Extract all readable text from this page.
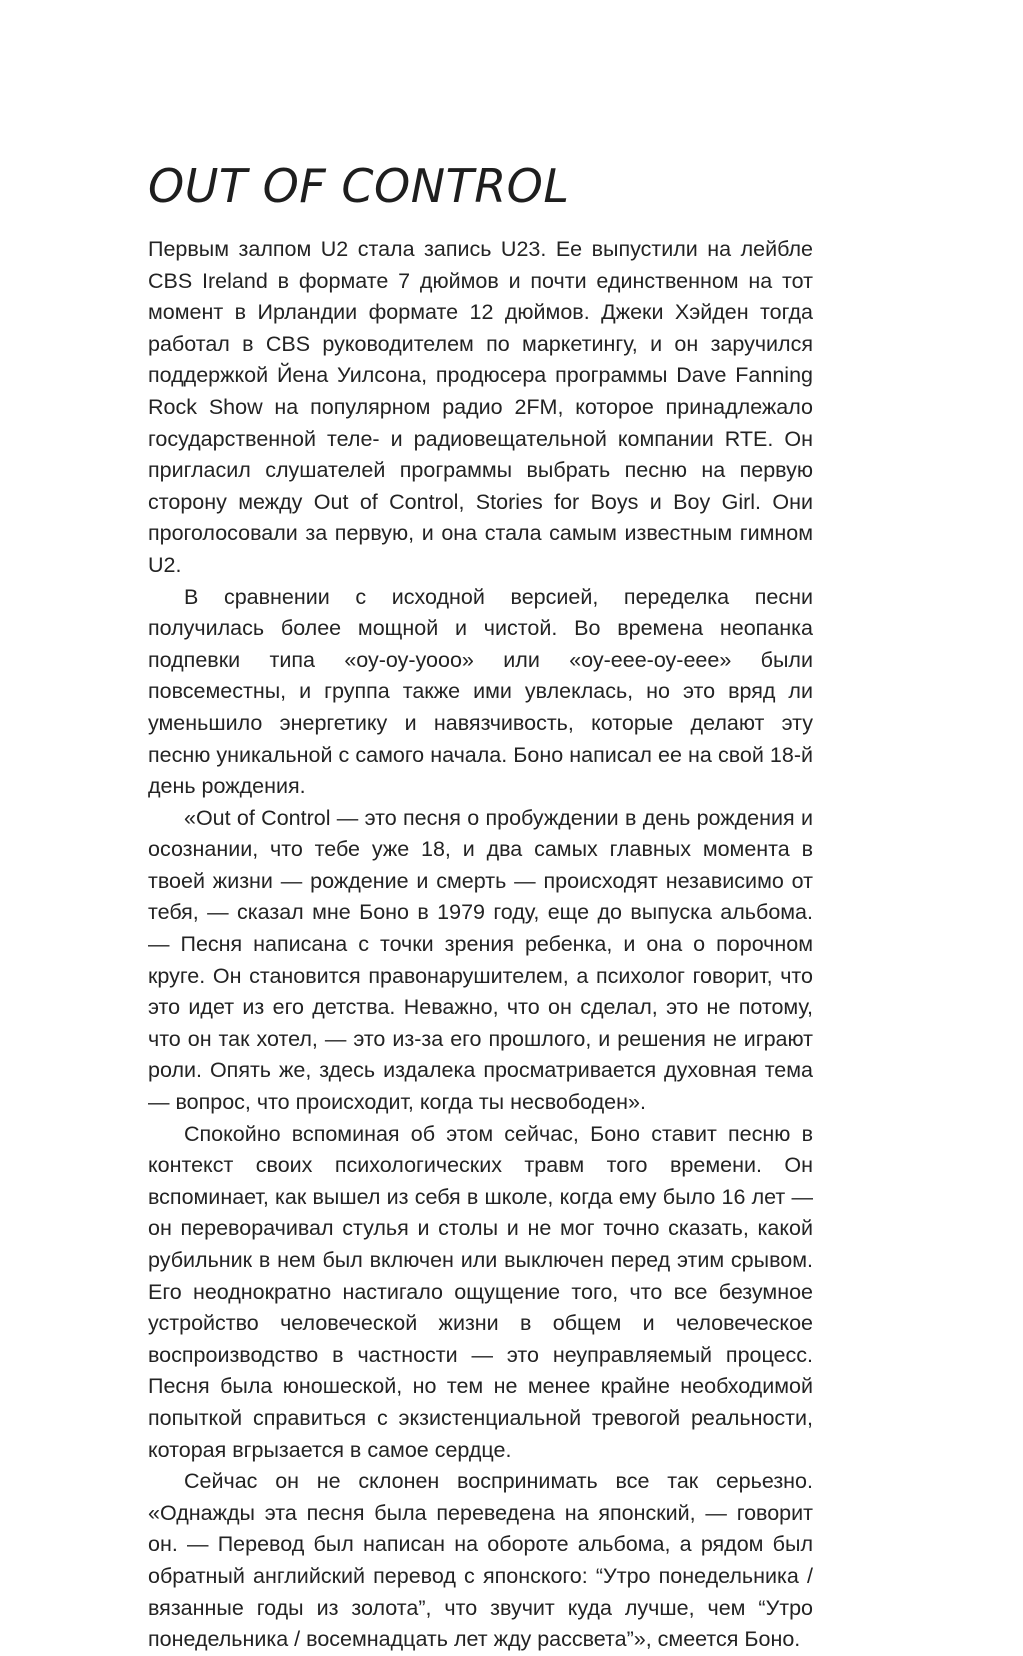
OUT OF CONTROL

Первым залпом U2 стала запись U23. Ее выпустили на лейбле CBS Ireland в формате 7 дюймов и почти единственном на тот момент в Ирландии формате 12 дюймов. Джеки Хэйден тогда работал в CBS руководителем по маркетингу, и он заручился поддержкой Йена Уилсона, продюсера программы Dave Fanning Rock Show на популярном радио 2FM, которое принадлежало государственной теле- и радиовещательной компании RTE. Он пригласил слушателей программы выбрать песню на первую сторону между Out of Control, Stories for Boys и Boy Girl. Они проголосовали за первую, и она стала самым известным гимном U2.

В сравнении с исходной версией, переделка песни получилась более мощной и чистой. Во времена неопанка подпевки типа «оу-оу-уооо» или «оу-еее-оу-еее» были повсеместны, и группа также ими увлеклась, но это вряд ли уменьшило энергетику и навязчивость, которые делают эту песню уникальной с самого начала. Боно написал ее на свой 18-й день рождения.

«Out of Control — это песня о пробуждении в день рождения и осознании, что тебе уже 18, и два самых главных момента в твоей жизни — рождение и смерть — происходят независимо от тебя, — сказал мне Боно в 1979 году, еще до выпуска альбома. — Песня написана с точки зрения ребенка, и она о порочном круге. Он становится правонарушителем, а психолог говорит, что это идет из его детства. Неважно, что он сделал, это не потому, что он так хотел, — это из-за его прошлого, и решения не играют роли. Опять же, здесь издалека просматривается духовная тема — вопрос, что происходит, когда ты несвободен».

Спокойно вспоминая об этом сейчас, Боно ставит песню в контекст своих психологических травм того времени. Он вспоминает, как вышел из себя в школе, когда ему было 16 лет — он переворачивал стулья и столы и не мог точно сказать, какой рубильник в нем был включен или выключен перед этим срывом. Его неоднократно настигало ощущение того, что все безумное устройство человеческой жизни в общем и человеческое воспроизводство в частности — это неуправляемый процесс. Песня была юношеской, но тем не менее крайне необходимой попыткой справиться с экзистенциальной тревогой реальности, которая вгрызается в самое сердце.

Сейчас он не склонен воспринимать все так серьезно. «Однажды эта песня была переведена на японский, — говорит он. — Перевод был написан на обороте альбома, а рядом был обратный английский перевод с японского: “Утро понедельника / вязанные годы из золота”, что звучит куда лучше, чем “Утро понедельника / восемнадцать лет жду рассвета”», смеется Боно.
